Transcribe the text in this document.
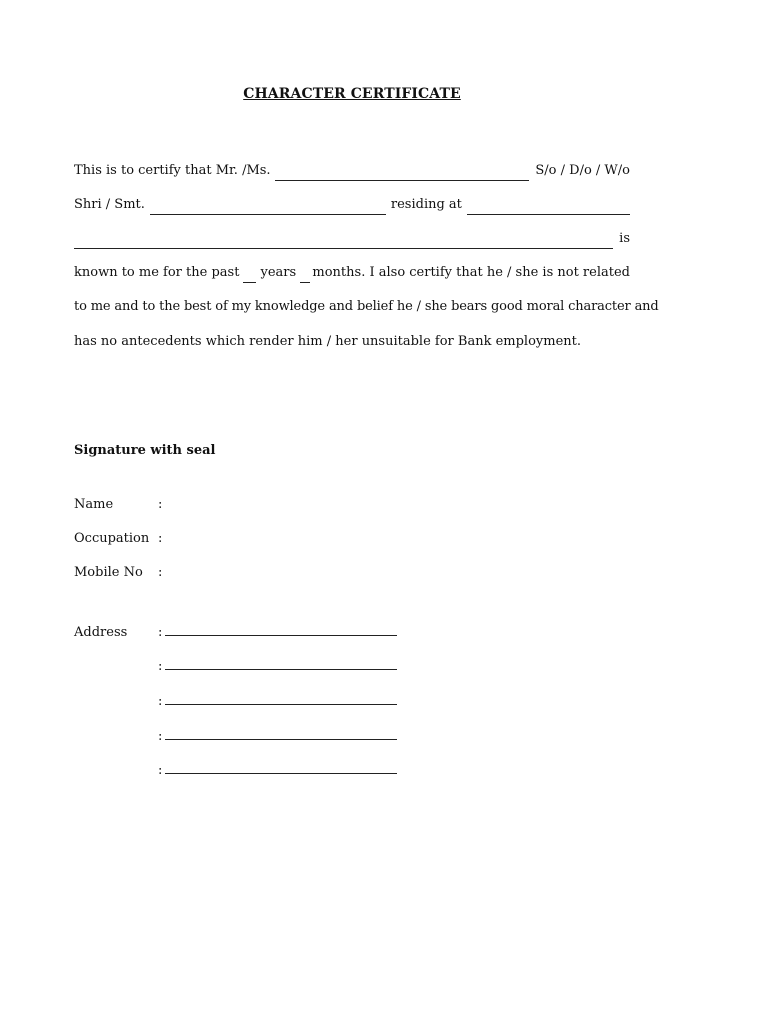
CHARACTER CERTIFICATE
This is to certify that Mr. /Ms.	S/o / D/o / W/o
Shri / Smt.	residing at
is
known to me for the past years months. I also certify that he / she is not related
to me and to the best of my knowledge and belief he / she bears good moral character and
has no antecedents which render him / her unsuitable for Bank employment.
Signature with seal
Name	:
Occupation :
Mobile No	:
Address	:
:
:
:
:
